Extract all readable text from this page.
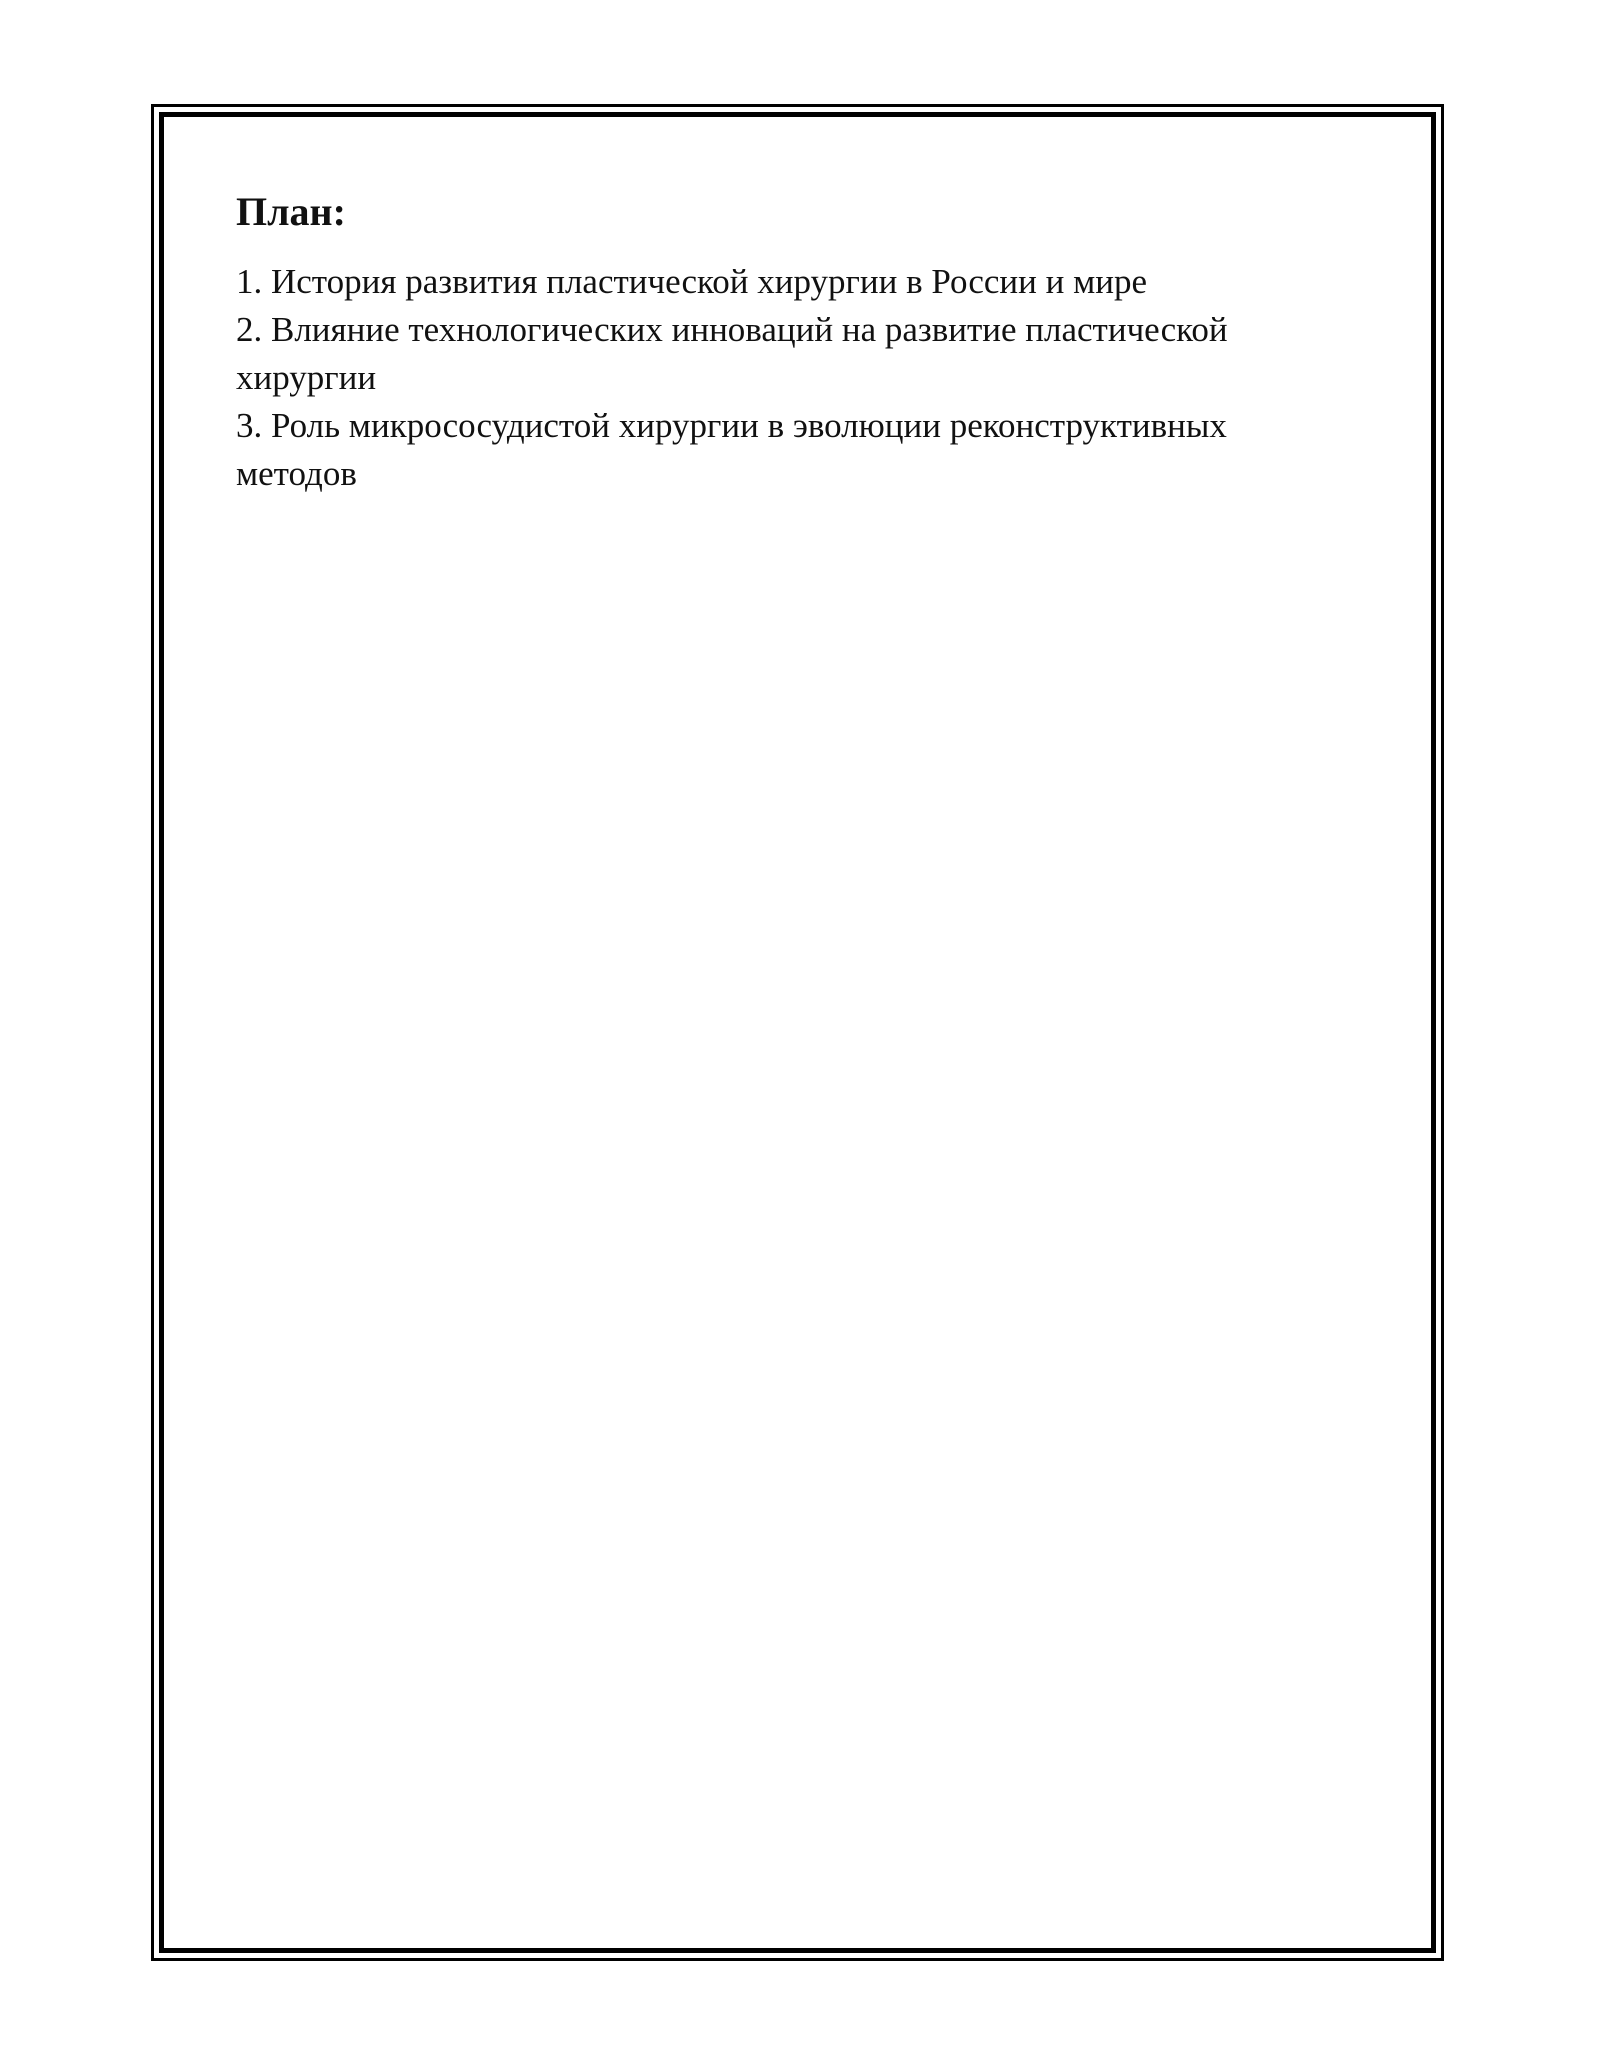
План:
1. История развития пластической хирургии в России и мире
2. Влияние технологических инноваций на развитие пластической хирургии
3. Роль микрососудистой хирургии в эволюции реконструктивных методов
